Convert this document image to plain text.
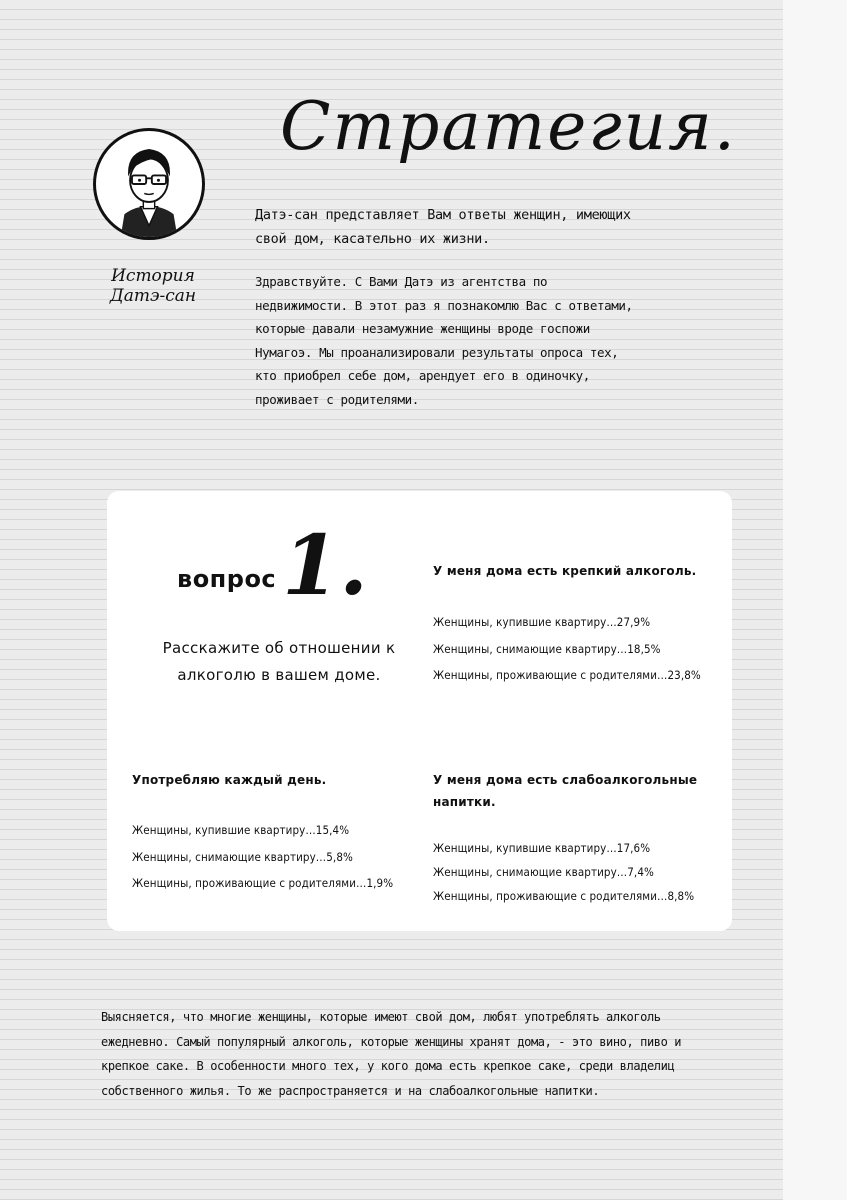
Стратегия.

История Датэ-сан

Датэ-сан представляет Вам ответы женщин, имеющих свой дом, касательно их жизни.

Здравствуйте. С Вами Датэ из агентства по недвижимости. В этот раз я познакомлю Вас с ответами, которые давали незамужние женщины вроде госпожи Нумагоэ. Мы проанализировали результаты опроса тех, кто приобрел себе дом, арендует его в одиночку, проживает с родителями.

вопрос 1.

Расскажите об отношении к алкоголю в вашем доме.

У меня дома есть крепкий алкоголь.

Женщины, купившие квартиру…27,9%
Женщины, снимающие квартиру…18,5%
Женщины, проживающие с родителями…23,8%

Употребляю каждый день.

Женщины, купившие квартиру…15,4%
Женщины, снимающие квартиру…5,8%
Женщины, проживающие с родителями…1,9%

У меня дома есть слабоалкогольные напитки.

Женщины, купившие квартиру…17,6%
Женщины, снимающие квартиру…7,4%
Женщины, проживающие с родителями…8,8%

Выясняется, что многие женщины, которые имеют свой дом, любят употреблять алкоголь ежедневно. Самый популярный алкоголь, которые женщины хранят дома, - это вино, пиво и крепкое саке. В особенности много тех, у кого дома есть крепкое саке, среди владелиц собственного жилья. То же распространяется и на слабоалкогольные напитки.
